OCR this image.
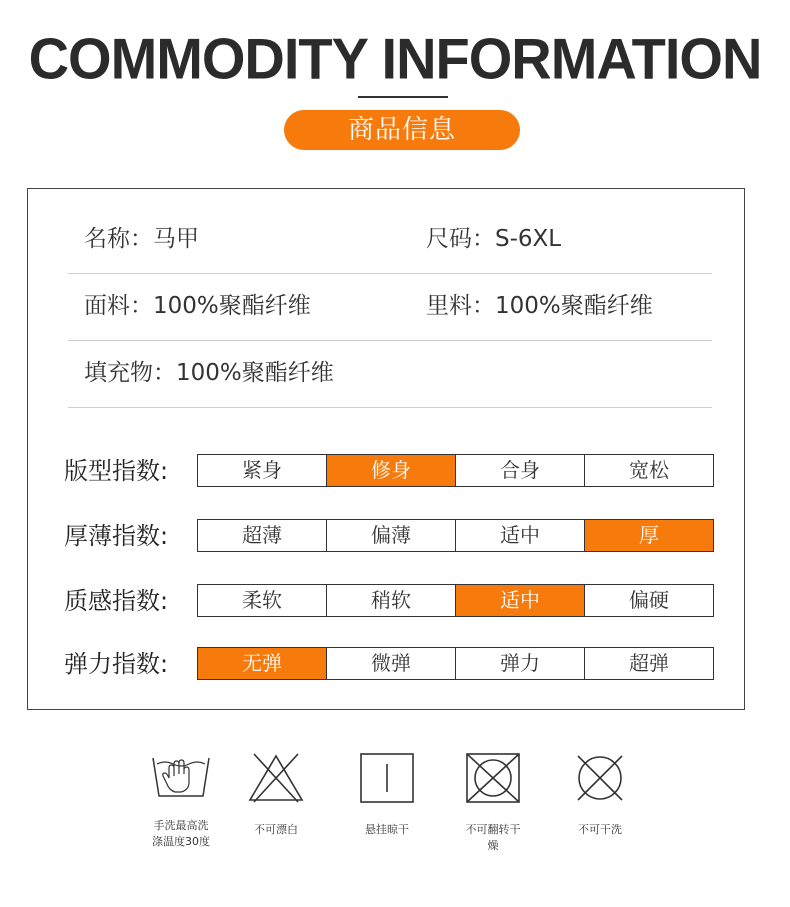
COMMODITY INFORMATION
商品信息
名称：马甲	尺码：S-6XL
面料：100%聚酯纤维	里料：100%聚酯纤维
填充物：100%聚酯纤维
版型指数:	紧身	修身	合身	宽松
厚薄指数:	超薄	偏薄	适中	厚
质感指数:	柔软	稍软	适中	偏硬
弹力指数:	无弹	微弹	弹力	超弹
手洗最高洗涤温度30度
不可漂白	悬挂晾干	不可翻转干燥
不可干洗
